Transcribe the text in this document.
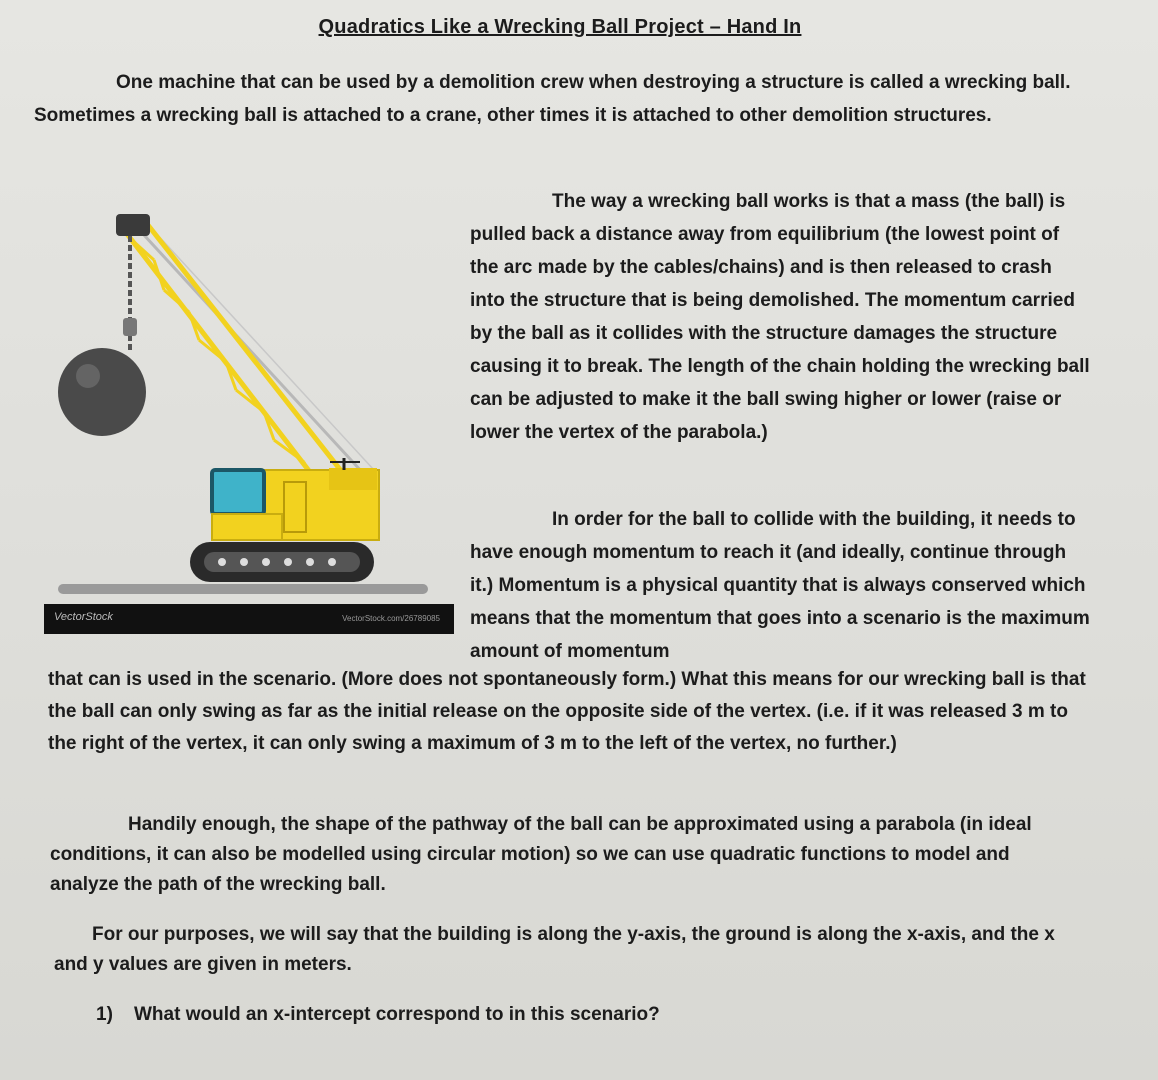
Quadratics Like a Wrecking Ball Project – Hand In

One machine that can be used by a demolition crew when destroying a structure is called a wrecking ball. Sometimes a wrecking ball is attached to a crane, other times it is attached to other demolition structures.

VectorStock	VectorStock.com/26789085

The way a wrecking ball works is that a mass (the ball) is pulled back a distance away from equilibrium (the lowest point of the arc made by the cables/chains) and is then released to crash into the structure that is being demolished. The momentum carried by the ball as it collides with the structure damages the structure causing it to break. The length of the chain holding the wrecking ball can be adjusted to make it the ball swing higher or lower (raise or lower the vertex of the parabola.)

In order for the ball to collide with the building, it needs to have enough momentum to reach it (and ideally, continue through it.) Momentum is a physical quantity that is always conserved which means that the momentum that goes into a scenario is the maximum amount of momentum

that can is used in the scenario. (More does not spontaneously form.) What this means for our wrecking ball is that the ball can only swing as far as the initial release on the opposite side of the vertex. (i.e. if it was released 3 m to the right of the vertex, it can only swing a maximum of 3 m to the left of the vertex, no further.)

Handily enough, the shape of the pathway of the ball can be approximated using a parabola (in ideal conditions, it can also be modelled using circular motion) so we can use quadratic functions to model and analyze the path of the wrecking ball.

For our purposes, we will say that the building is along the y-axis, the ground is along the x-axis, and the x and y values are given in meters.

1) What would an x-intercept correspond to in this scenario?
